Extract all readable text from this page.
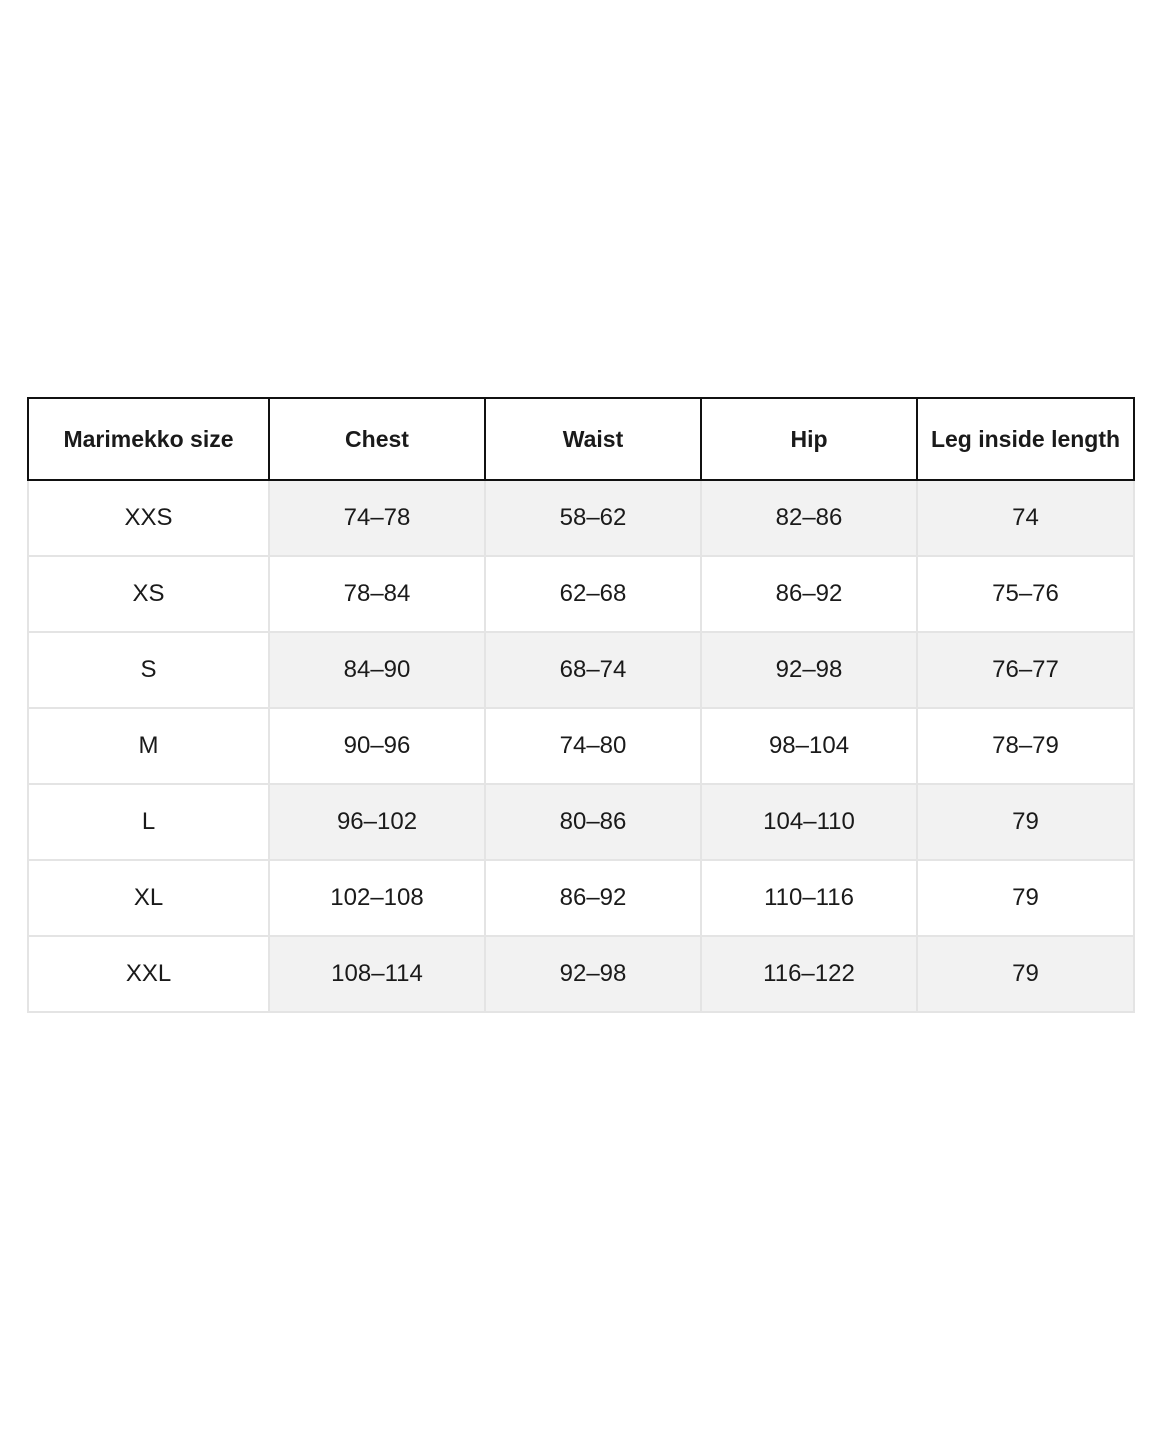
Marimekko size	Chest	Waist	Hip	Leg inside length
XXS	74–78	58–62	82–86	74
XS	78–84	62–68	86–92	75–76
S	84–90	68–74	92–98	76–77
M	90–96	74–80	98–104	78–79
L	96–102	80–86	104–110	79
XL	102–108	86–92	110–116	79
XXL	108–114	92–98	116–122	79
